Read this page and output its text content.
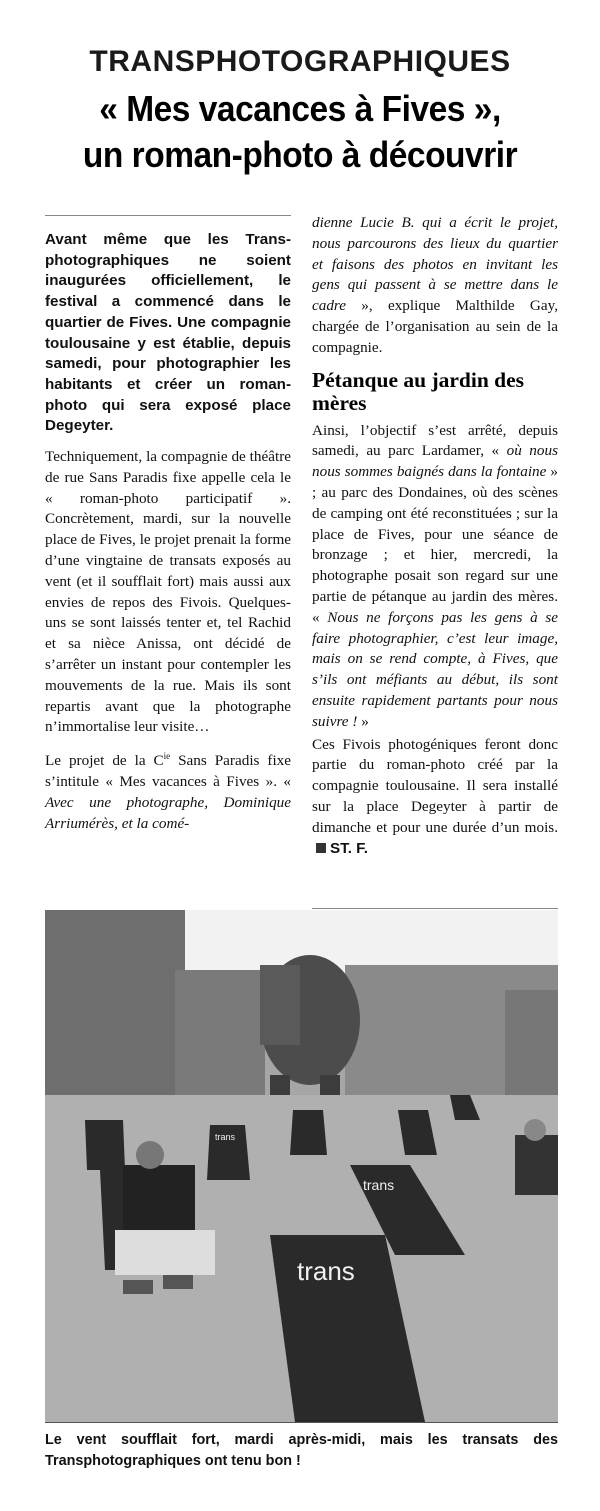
TRANSPHOTOGRAPHIQUES
« Mes vacances à Fives »,
un roman-photo à découvrir

Avant même que les Transphotographiques ne soient inaugurées officiellement, le festival a commencé dans le quartier de Fives. Une compagnie toulousaine y est établie, depuis samedi, pour photographier les habitants et créer un roman-photo qui sera exposé place Degeyter.

Techniquement, la compagnie de théâtre de rue Sans Paradis fixe appelle cela le « roman-photo participatif ». Concrètement, mardi, sur la nouvelle place de Fives, le projet prenait la forme d’une vingtaine de transats exposés au vent (et il soufflait fort) mais aussi aux envies de repos des Fivois. Quelques-uns se sont laissés tenter et, tel Rachid et sa nièce Anissa, ont décidé de s’arrêter un instant pour contempler les mouvements de la rue. Mais ils sont repartis avant que la photographe n’immortalise leur visite…

Le projet de la $C^{ie}$ Sans Paradis fixe s’intitule « Mes vacances à Fives ». « Avec une photographe, Dominique Arriumérès, et la comé-

dienne Lucie B. qui a écrit le projet, nous parcourons des lieux du quartier et faisons des photos en invitant les gens qui passent à se mettre dans le cadre », explique Malthilde Gay, chargée de l’organisation au sein de la compagnie.

Pétanque au jardin des mères

Ainsi, l’objectif s’est arrêté, depuis samedi, au parc Lardamer, « où nous nous sommes baignés dans la fontaine » ; au parc des Dondaines, où des scènes de camping ont été reconstituées ; sur la place de Fives, pour une séance de bronzage ; et hier, mercredi, la photographe posait son regard sur une partie de pétanque au jardin des mères. « Nous ne forçons pas les gens à se faire photographier, c’est leur image, mais on se rend compte, à Fives, que s’ils ont méfiants au début, ils sont ensuite rapidement partants pour nous suivre ! »

Ces Fivois photogéniques feront donc partie du roman-photo créé par la compagnie toulousaine. Il sera installé sur la place Degeyter à partir de dimanche et pour une durée d’un mois.ST. F.

trans
trans
trans
Le vent soufflait fort, mardi après-midi, mais les transats des Transphotographiques ont tenu bon !
